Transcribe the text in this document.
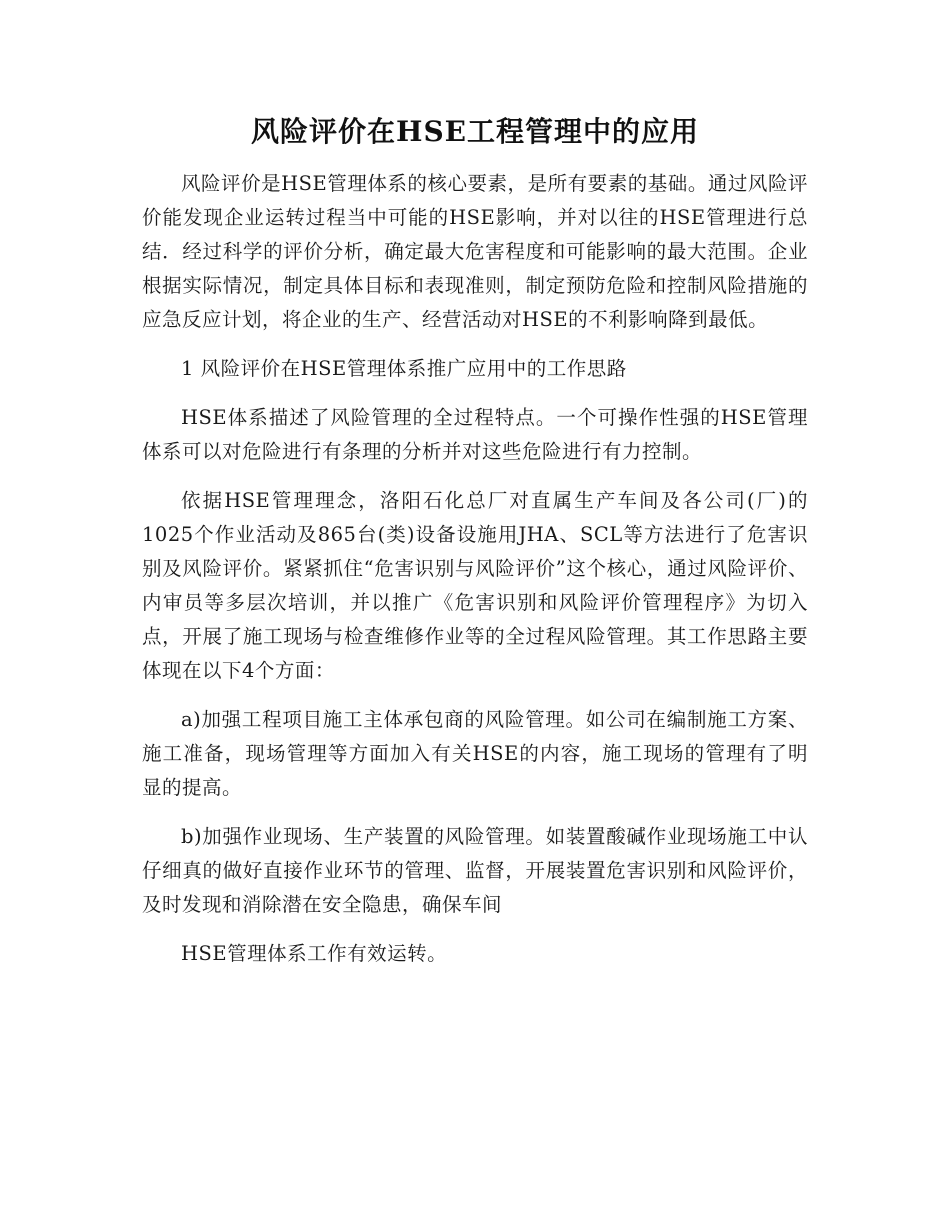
风险评价在HSE工程管理中的应用

风险评价是HSE管理体系的核心要素，是所有要素的基础。通过风险评价能发现企业运转过程当中可能的HSE影响，并对以往的HSE管理进行总结．经过科学的评价分析，确定最大危害程度和可能影响的最大范围。企业根据实际情况，制定具体目标和表现准则，制定预防危险和控制风险措施的应急反应计划，将企业的生产、经营活动对HSE的不利影响降到最低。

1 风险评价在HSE管理体系推广应用中的工作思路

HSE体系描述了风险管理的全过程特点。一个可操作性强的HSE管理体系可以对危险进行有条理的分析并对这些危险进行有力控制。

依据HSE管理理念，洛阳石化总厂对直属生产车间及各公司(厂)的1025个作业活动及865台(类)设备设施用JHA、SCL等方法进行了危害识别及风险评价。紧紧抓住“危害识别与风险评价”这个核心，通过风险评价、内审员等多层次培训，并以推广《危害识别和风险评价管理程序》为切入点，开展了施工现场与检查维修作业等的全过程风险管理。其工作思路主要体现在以下4个方面：

a)加强工程项目施工主体承包商的风险管理。如公司在编制施工方案、施工准备，现场管理等方面加入有关HSE的内容，施工现场的管理有了明显的提高。

b)加强作业现场、生产装置的风险管理。如装置酸碱作业现场施工中认仔细真的做好直接作业环节的管理、监督，开展装置危害识别和风险评价，及时发现和消除潜在安全隐患，确保车间

HSE管理体系工作有效运转。
